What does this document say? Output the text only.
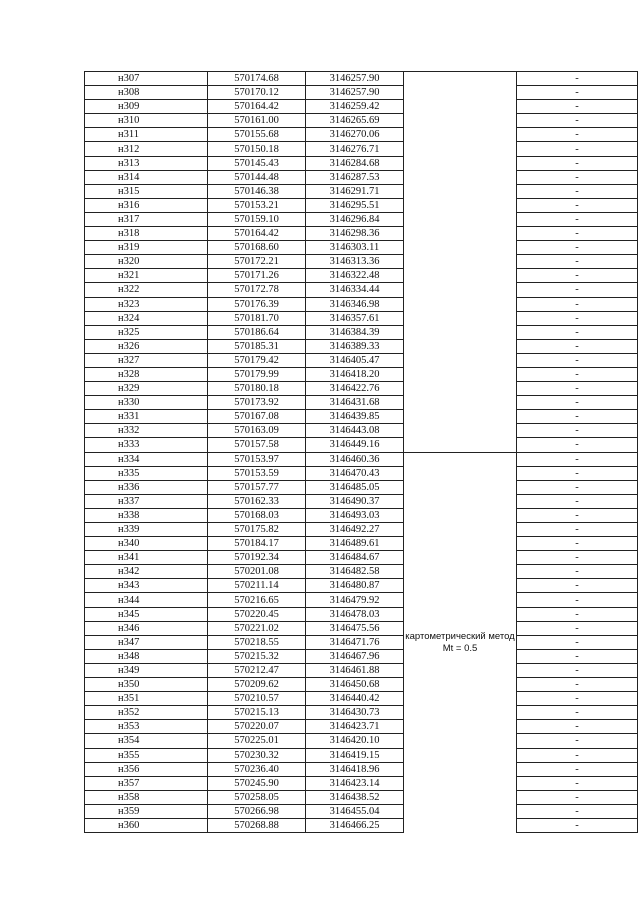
н307	570174.68	3146257.90		-
н308	570170.12	3146257.90		-
н309	570164.42	3146259.42		-
н310	570161.00	3146265.69		-
н311	570155.68	3146270.06		-
н312	570150.18	3146276.71		-
н313	570145.43	3146284.68		-
н314	570144.48	3146287.53		-
н315	570146.38	3146291.71		-
н316	570153.21	3146295.51		-
н317	570159.10	3146296.84		-
н318	570164.42	3146298.36		-
н319	570168.60	3146303.11		-
н320	570172.21	3146313.36		-
н321	570171.26	3146322.48		-
н322	570172.78	3146334.44		-
н323	570176.39	3146346.98		-
н324	570181.70	3146357.61		-
н325	570186.64	3146384.39		-
н326	570185.31	3146389.33		-
н327	570179.42	3146405.47		-
н328	570179.99	3146418.20		-
н329	570180.18	3146422.76		-
н330	570173.92	3146431.68		-
н331	570167.08	3146439.85		-
н332	570163.09	3146443.08		-
н333	570157.58	3146449.16		-
н334	570153.97	3146460.36	картометрический метод Mt = 0.5	-
н335	570153.59	3146470.43		-
н336	570157.77	3146485.05		-
н337	570162.33	3146490.37		-
н338	570168.03	3146493.03		-
н339	570175.82	3146492.27		-
н340	570184.17	3146489.61		-
н341	570192.34	3146484.67		-
н342	570201.08	3146482.58		-
н343	570211.14	3146480.87		-
н344	570216.65	3146479.92		-
н345	570220.45	3146478.03		-
н346	570221.02	3146475.56		-
н347	570218.55	3146471.76		-
н348	570215.32	3146467.96		-
н349	570212.47	3146461.88		-
н350	570209.62	3146450.68		-
н351	570210.57	3146440.42		-
н352	570215.13	3146430.73		-
н353	570220.07	3146423.71		-
н354	570225.01	3146420.10		-
н355	570230.32	3146419.15		-
н356	570236.40	3146418.96		-
н357	570245.90	3146423.14		-
н358	570258.05	3146438.52		-
н359	570266.98	3146455.04		-
н360	570268.88	3146466.25		-
